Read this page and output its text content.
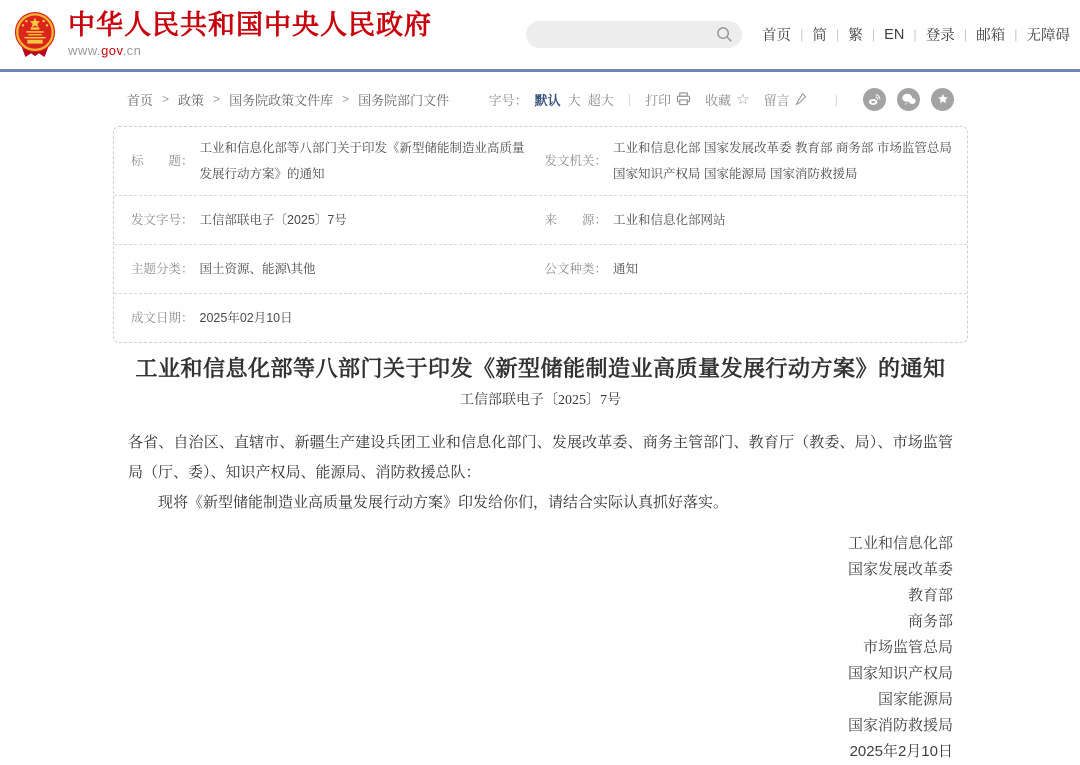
中华人民共和国中央人民政府
www.gov.cn
首页 | 简 | 繁 | EN | 登录 | 邮箱 | 无障碍
首页 > 政策 > 国务院政策文件库 > 国务院部门文件	字号： 默认 大 超大	|	打印	收藏 ☆ 留言	|
标　　题：
工业和信息化部等八部门关于印发《新型储能制造业高质量发展行动方案》的通知
发文机关：
工业和信息化部 国家发展改革委 教育部 商务部 市场监管总局 国家知识产权局 国家能源局 国家消防救援局
发文字号： 工信部联电子〔2025〕7号	来　　源： 工业和信息化部网站
主题分类： 国土资源、能源\其他	公文种类： 通知
成文日期： 2025年02月10日
工业和信息化部等八部门关于印发《新型储能制造业高质量发展行动方案》的通知
工信部联电子〔2025〕7号

各省、自治区、直辖市、新疆生产建设兵团工业和信息化部门、发展改革委、商务主管部门、教育厅（教委、局）、市场监管局（厅、委）、知识产权局、能源局、消防救援总队：

现将《新型储能制造业高质量发展行动方案》印发给你们，请结合实际认真抓好落实。

工业和信息化部
国家发展改革委
教育部
商务部
市场监管总局
国家知识产权局
国家能源局
国家消防救援局
2025年2月10日
